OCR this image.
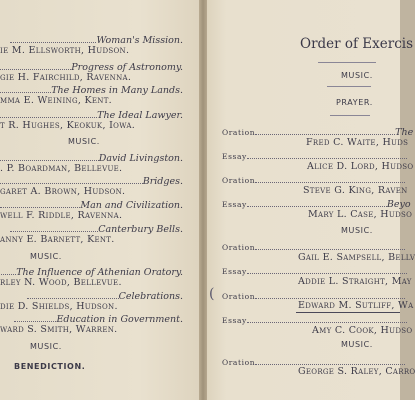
Woman's Mission.
ie M. Ellsworth, Hudson.
Progress of Astronomy.
gie H. Fairchild, Ravenna.
The Homes in Many Lands.
mma E. Weining, Kent.
The Ideal Lawyer.
t R. Hughes, Keokuk, Iowa.
MUSIC.
David Livingston.
. P. Boardman, Bellevue.
Bridges.
garet A. Brown, Hudson.
Man and Civilization.
well F. Riddle, Ravenna.
Canterbury Bells.
anny E. Barnett, Kent.
MUSIC.
The Influence of Athenian Oratory.
rley N. Wood, Bellevue.
Celebrations.
die D. Shields, Hudson.
Education in Government.
ward S. Smith, Warren.
MUSIC.
BENEDICTION.
Order of Exercis
MUSIC.
PRAYER.
Oration	The
Fred C. Waite, Huds
Essay
Alice D. Lord, Hudso
Oration
Steve G. King, Raven
Essay	Beyo
Mary L. Case, Hudso
MUSIC.
Oration
Gail E. Sampsell, Bellv
Essay
Addie L. Straight, May
( Oration
Edward M. Sutliff, Wa
Essay
Amy C. Cook, Hudso
MUSIC.
Oration
George S. Raley, Carro
